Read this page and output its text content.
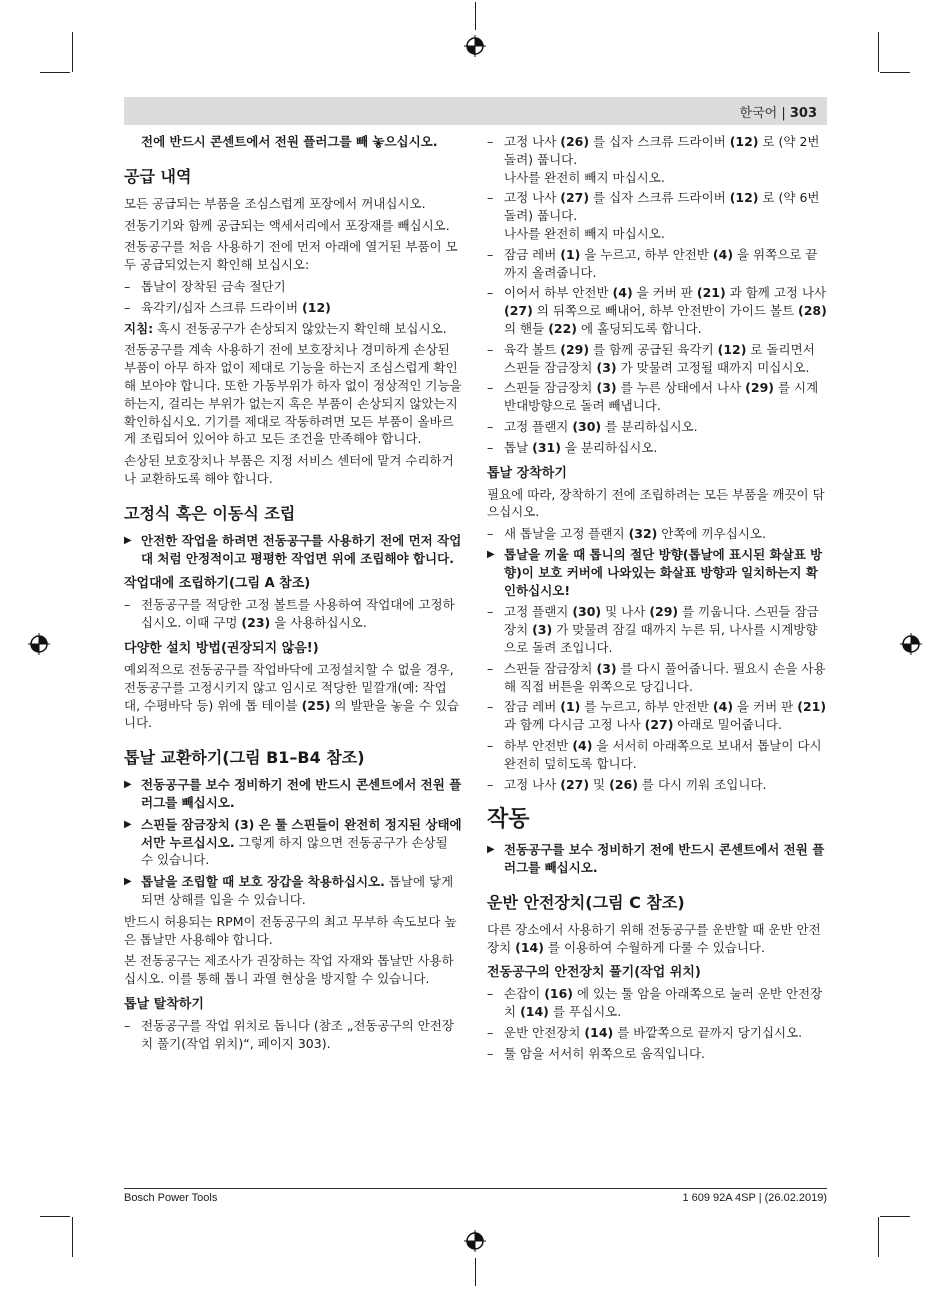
한국어 | 303

전에 반드시 콘센트에서 전원 플러그를 빼 놓으십시오.

공급 내역

모든 공급되는 부품을 조심스럽게 포장에서 꺼내십시오.

전동기기와 함께 공급되는 액세서리에서 포장재를 빼십시오.

전동공구를 처음 사용하기 전에 먼저 아래에 열거된 부품이 모두 공급되었는지 확인해 보십시오:

– 톱날이 장착된 금속 절단기
– 육각키/십자 스크류 드라이버 (12)

지침: 혹시 전동공구가 손상되지 않았는지 확인해 보십시오.

전동공구를 계속 사용하기 전에 보호장치나 경미하게 손상된 부품이 아무 하자 없이 제대로 기능을 하는지 조심스럽게 확인해 보아야 합니다. 또한 가동부위가 하자 없이 정상적인 기능을 하는지, 걸리는 부위가 없는지 혹은 부품이 손상되지 않았는지 확인하십시오. 기기를 제대로 작동하려면 모든 부품이 올바르게 조립되어 있어야 하고 모든 조건을 만족해야 합니다.

손상된 보호장치나 부품은 지정 서비스 센터에 맡겨 수리하거나 교환하도록 해야 합니다.

고정식 혹은 이동식 조립
▶ 안전한 작업을 하려면 전동공구를 사용하기 전에 먼저 작업대 처럼 안정적이고 평평한 작업면 위에 조립해야 합니다.
작업대에 조립하기(그림 A 참조)
– 전동공구를 적당한 고정 볼트를 사용하여 작업대에 고정하십시오. 이때 구멍 (23) 을 사용하십시오.
다양한 설치 방법(권장되지 않음!)

예외적으로 전동공구를 작업바닥에 고정설치할 수 없을 경우, 전동공구를 고정시키지 않고 임시로 적당한 밑깔개(예: 작업대, 수평바닥 등) 위에 톱 테이블 (25) 의 발판을 놓을 수 있습니다.

톱날 교환하기(그림 B1–B4 참조)
▶ 전동공구를 보수 정비하기 전에 반드시 콘센트에서 전원 플러그를 빼십시오.
▶ 스핀들 잠금장치 (3) 은 툴 스핀들이 완전히 정지된 상태에서만 누르십시오. 그렇게 하지 않으면 전동공구가 손상될 수 있습니다.
▶ 톱날을 조립할 때 보호 장갑을 착용하십시오. 톱날에 닿게 되면 상해를 입을 수 있습니다.

반드시 허용되는 RPM이 전동공구의 최고 무부하 속도보다 높은 톱날만 사용해야 합니다.

본 전동공구는 제조사가 권장하는 작업 자재와 톱날만 사용하십시오. 이를 통해 톱니 과열 현상을 방지할 수 있습니다.

톱날 탈착하기
– 전동공구를 작업 위치로 돕니다 (참조 „전동공구의 안전장치 풀기(작업 위치)“, 페이지 303).
– 고정 나사 (26) 를 십자 스크류 드라이버 (12) 로 (약 2번 돌려) 풉니다.
나사를 완전히 빼지 마십시오.
– 고정 나사 (27) 를 십자 스크류 드라이버 (12) 로 (약 6번 돌려) 풉니다.
나사를 완전히 빼지 마십시오.
– 잠금 레버 (1) 을 누르고, 하부 안전반 (4) 을 위쪽으로 끝까지 올려줍니다.
– 이어서 하부 안전반 (4) 을 커버 판 (21) 과 함께 고정 나사 (27) 의 뒤쪽으로 빼내어, 하부 안전반이 가이드 볼트 (28) 의 핸들 (22) 에 홀딩되도록 합니다.
– 육각 볼트 (29) 를 함께 공급된 육각키 (12) 로 돌리면서 스핀들 잠금장치 (3) 가 맞물려 고정될 때까지 미십시오.
– 스핀들 잠금장치 (3) 를 누른 상태에서 나사 (29) 를 시계 반대방향으로 돌려 빼냅니다.
– 고정 플랜지 (30) 를 분리하십시오.
– 톱날 (31) 을 분리하십시오.
톱날 장착하기

필요에 따라, 장착하기 전에 조립하려는 모든 부품을 깨끗이 닦으십시오.

– 새 톱날을 고정 플랜지 (32) 안쪽에 끼우십시오.
▶ 톱날을 끼울 때 톱니의 절단 방향(톱날에 표시된 화살표 방향)이 보호 커버에 나와있는 화살표 방향과 일치하는지 확인하십시오!
– 고정 플랜지 (30) 및 나사 (29) 를 끼웁니다. 스핀들 잠금장치 (3) 가 맞물려 잠길 때까지 누른 뒤, 나사를 시계방향으로 돌려 조입니다.
– 스핀들 잠금장치 (3) 를 다시 풀어줍니다. 필요시 손을 사용해 직접 버튼을 위쪽으로 당깁니다.
– 잠금 레버 (1) 를 누르고, 하부 안전반 (4) 을 커버 판 (21) 과 함께 다시금 고정 나사 (27) 아래로 밀어줍니다.
– 하부 안전반 (4) 을 서서히 아래쪽으로 보내서 톱날이 다시 완전히 덮히도록 합니다.
– 고정 나사 (27) 및 (26) 를 다시 끼워 조입니다.
작동
▶ 전동공구를 보수 정비하기 전에 반드시 콘센트에서 전원 플러그를 빼십시오.
운반 안전장치(그림 C 참조)

다른 장소에서 사용하기 위해 전동공구를 운반할 때 운반 안전장치 (14) 를 이용하여 수월하게 다룰 수 있습니다.

전동공구의 안전장치 풀기(작업 위치)
– 손잡이 (16) 에 있는 툴 암을 아래쪽으로 눌러 운반 안전장치 (14) 를 푸십시오.
– 운반 안전장치 (14) 를 바깥쪽으로 끝까지 당기십시오.
– 툴 암을 서서히 위쪽으로 움직입니다.
Bosch Power Tools	1 609 92A 4SP | (26.02.2019)
